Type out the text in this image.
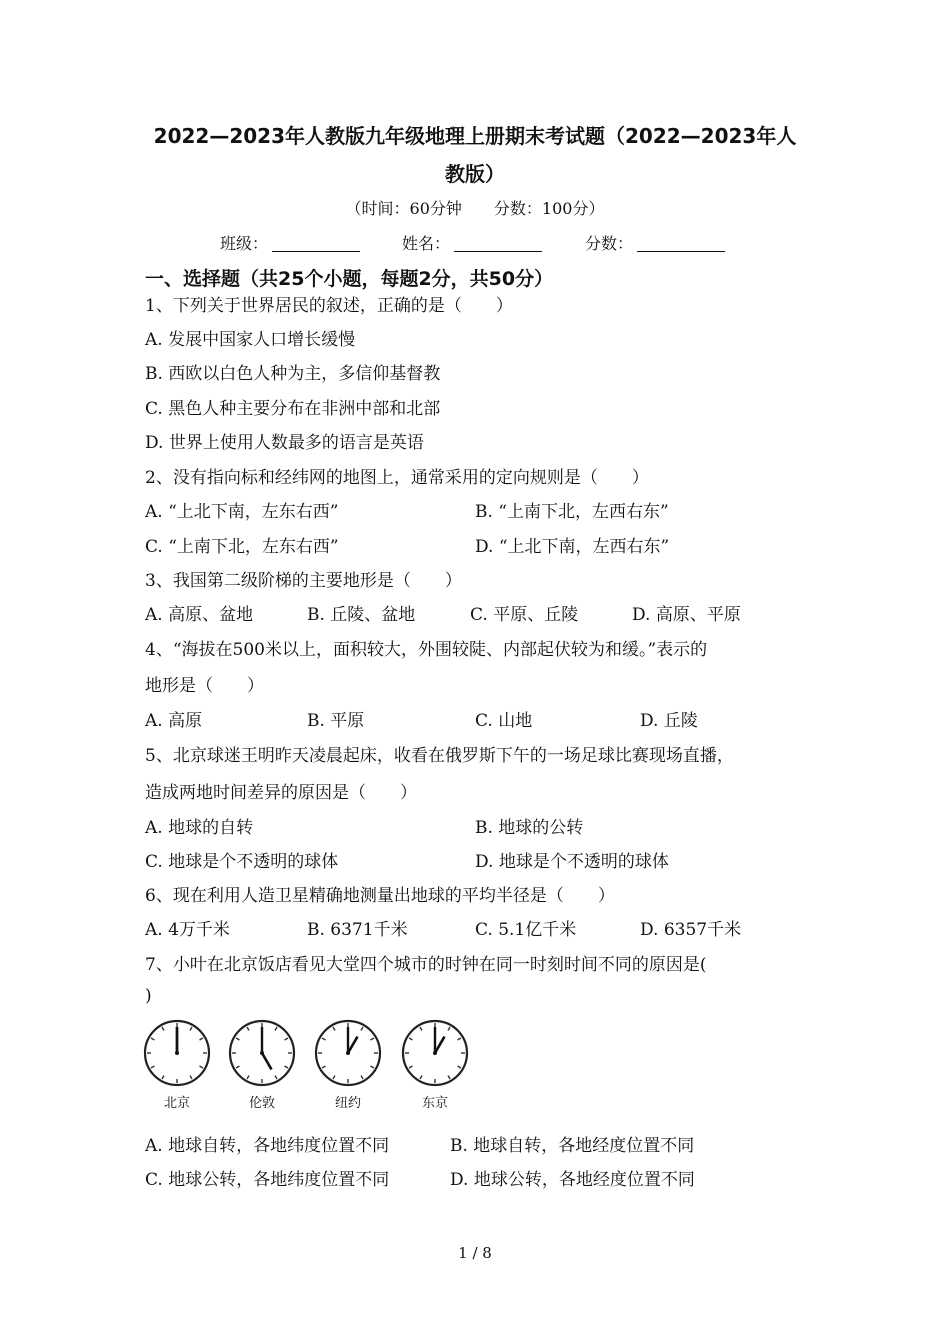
2022—2023年人教版九年级地理上册期末考试题（2022—2023年人
教版）
（时间：60分钟　　分数：100分）
班级：	姓名：	分数：
一、选择题（共25个小题，每题2分，共50分）
1、下列关于世界居民的叙述，正确的是（　　）
A. 发展中国家人口增长缓慢
B. 西欧以白色人种为主，多信仰基督教
C. 黑色人种主要分布在非洲中部和北部
D. 世界上使用人数最多的语言是英语
2、没有指向标和经纬网的地图上，通常采用的定向规则是（　　）
A. “上北下南，左东右西”	B. “上南下北，左西右东”
C. “上南下北，左东右西”	D. “上北下南，左西右东”
3、我国第二级阶梯的主要地形是（　　）
A. 高原、盆地	B. 丘陵、盆地	C. 平原、丘陵	D. 高原、平原
4、“海拔在500米以上，面积较大，外围较陡、内部起伏较为和缓。”表示的
地形是（　　）
A. 高原	B. 平原	C. 山地	D. 丘陵
5、北京球迷王明昨天凌晨起床，收看在俄罗斯下午的一场足球比赛现场直播，
造成两地时间差异的原因是（　　）
A. 地球的自转	B. 地球的公转
C. 地球是个不透明的球体	D. 地球是个不透明的球体
6、现在利用人造卫星精确地测量出地球的平均半径是（　　）
A. 4万千米	B. 6371千米	C. 5.1亿千米	D. 6357千米
7、小叶在北京饭店看见大堂四个城市的时钟在同一时刻时间不同的原因是(
)
北京	伦敦	纽约	东京
A. 地球自转，各地纬度位置不同	B. 地球自转，各地经度位置不同
C. 地球公转，各地纬度位置不同	D. 地球公转，各地经度位置不同
1 / 8
